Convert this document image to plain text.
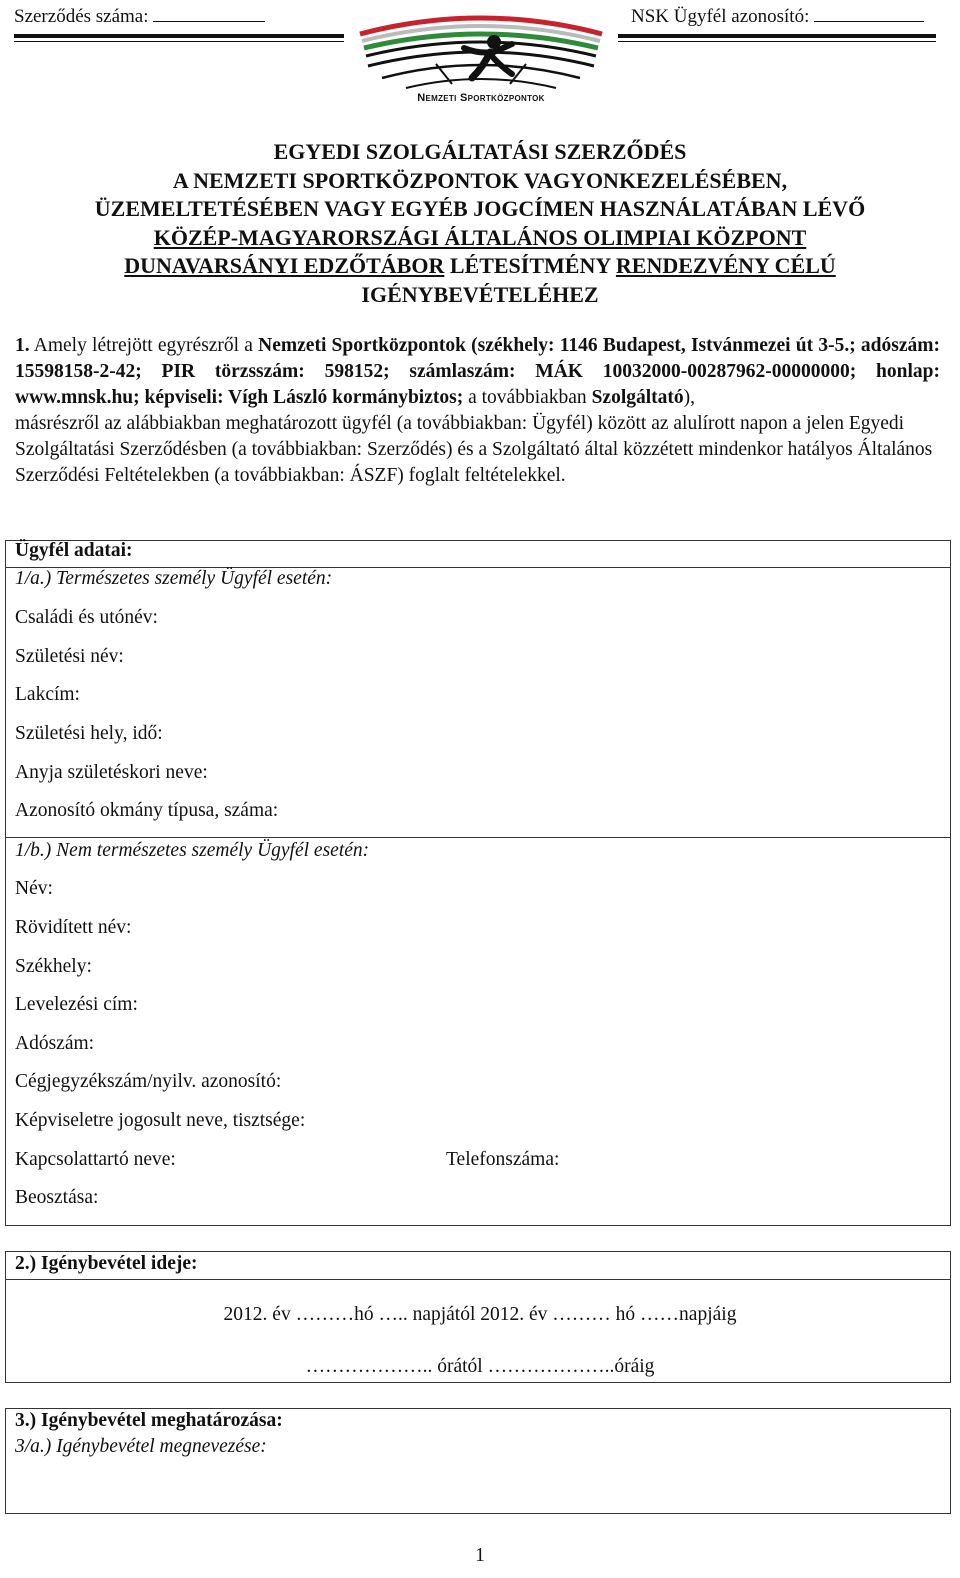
Szerződés száma:	NSK Ügyfél azonosító:
Nemzeti Sportközpontok
EGYEDI SZOLGÁLTATÁSI SZERZŐDÉS
A NEMZETI SPORTKÖZPONTOK VAGYONKEZELÉSÉBEN,
ÜZEMELTETÉSÉBEN VAGY EGYÉB JOGCÍMEN HASZNÁLATÁBAN LÉVŐ
KÖZÉP-MAGYARORSZÁGI ÁLTALÁNOS OLIMPIAI KÖZPONT
DUNAVARSÁNYI EDZŐTÁBOR LÉTESÍTMÉNY RENDEZVÉNY CÉLÚ
IGÉNYBEVÉTELÉHEZ

1. Amely létrejött egyrészről a Nemzeti Sportközpontok (székhely: 1146 Budapest, Istvánmezei út 3-5.; adószám: 15598158-2-42; PIR törzsszám: 598152; számlaszám: MÁK 10032000-00287962-00000000; honlap: www.mnsk.hu; képviseli: Vígh László kormánybiztos; a továbbiakban Szolgáltató),

másrészről az alábbiakban meghatározott ügyfél (a továbbiakban: Ügyfél) között az alulírott napon a jelen Egyedi Szolgáltatási Szerződésben (a továbbiakban: Szerződés) és a Szolgáltató által közzétett mindenkor hatályos Általános Szerződési Feltételekben (a továbbiakban: ÁSZF) foglalt feltételekkel.

Ügyfél adatai:
1/a.) Természetes személy Ügyfél esetén:
Családi és utónév:
Születési név:
Lakcím:
Születési hely, idő:
Anyja születéskori neve:
Azonosító okmány típusa, száma:
1/b.) Nem természetes személy Ügyfél esetén:
Név:
Rövidített név:
Székhely:
Levelezési cím:
Adószám:
Cégjegyzékszám/nyilv. azonosító:
Képviseletre jogosult neve, tisztsége:
Kapcsolattartó neve:	Telefonszáma:
Beosztása:
2.) Igénybevétel ideje:
2012. év ………hó ….. napjától 2012. év ……… hó ……napjáig
……………….. órától ………………..óráig
3.) Igénybevétel meghatározása:
3/a.) Igénybevétel megnevezése:
1
